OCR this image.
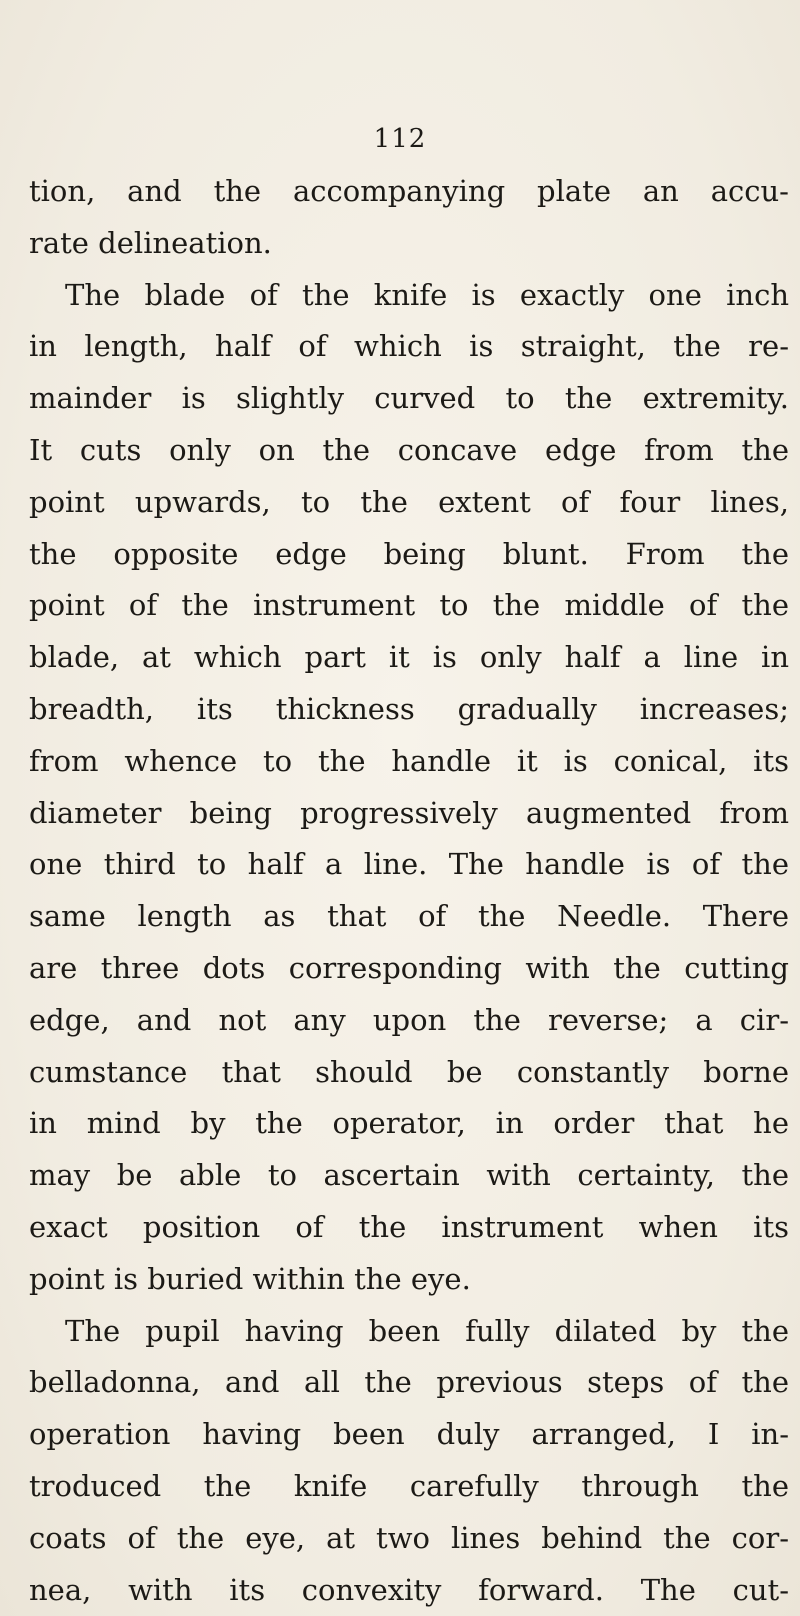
112
tion, and the accompanying plate an accu-
rate delineation.
The blade of the knife is exactly one inch
in length, half of which is straight, the re-
mainder is slightly curved to the extremity.
It cuts only on the concave edge from the
point upwards, to the extent of four lines,
the opposite edge being blunt. From the
point of the instrument to the middle of the
blade, at which part it is only half a line in
breadth, its thickness gradually increases;
from whence to the handle it is conical, its
diameter being progressively augmented from
one third to half a line. The handle is of the
same length as that of the Needle. There
are three dots corresponding with the cutting
edge, and not any upon the reverse; a cir-
cumstance that should be constantly borne
in mind by the operator, in order that he
may be able to ascertain with certainty, the
exact position of the instrument when its
point is buried within the eye.
The pupil having been fully dilated by the
belladonna, and all the previous steps of the
operation having been duly arranged, I in-
troduced the knife carefully through the
coats of the eye, at two lines behind the cor-
nea, with its convexity forward. The cut-
